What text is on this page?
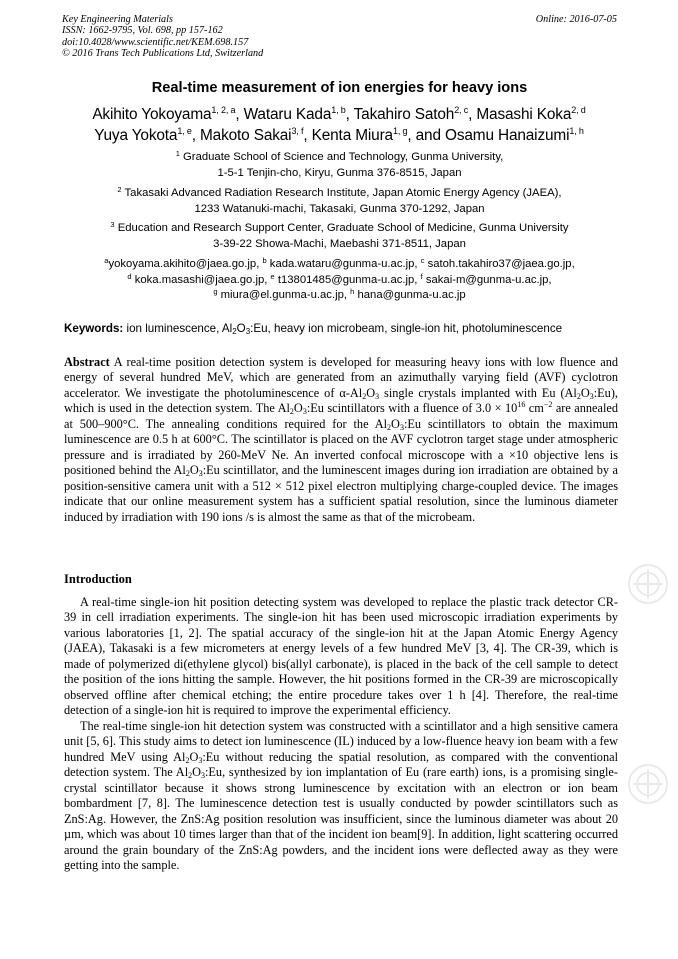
Key Engineering Materials
ISSN: 1662-9795, Vol. 698, pp 157-162
doi:10.4028/www.scientific.net/KEM.698.157
© 2016 Trans Tech Publications Ltd, Switzerland
Online: 2016-07-05
Real-time measurement of ion energies for heavy ions
Akihito Yokoyama$^{1, 2, a}$, Wataru Kada$^{1, b}$, Takahiro Satoh$^{2, c}$, Masashi Koka$^{2, d}$
Yuya Yokota$^{1, e}$, Makoto Sakai$^{3, f}$, Kenta Miura$^{1, g}$, and Osamu Hanaizumi$^{1, h}$
$^1$ Graduate School of Science and Technology, Gunma University,
1-5-1 Tenjin-cho, Kiryu, Gunma 376-8515, Japan
$^2$ Takasaki Advanced Radiation Research Institute, Japan Atomic Energy Agency (JAEA),
1233 Watanuki-machi, Takasaki, Gunma 370-1292, Japan
$^3$ Education and Research Support Center, Graduate School of Medicine, Gunma University
3-39-22 Showa-Machi, Maebashi 371-8511, Japan
$^a$yokoyama.akihito@jaea.go.jp, $^b$ kada.wataru@gunma-u.ac.jp, $^c$ satoh.takahiro37@jaea.go.jp,
$^d$ koka.masashi@jaea.go.jp, $^e$ t13801485@gunma-u.ac.jp, $^f$ sakai-m@gunma-u.ac.jp,
$^g$ miura@el.gunma-u.ac.jp, $^h$ hana@gunma-u.ac.jp
Keywords: ion luminescence, $Al_2O_3:Eu$, heavy ion microbeam, single-ion hit, photoluminescence

Abstract A real-time position detection system is developed for measuring heavy ions with low fluence and energy of several hundred MeV, which are generated from an azimuthally varying field (AVF) cyclotron accelerator. We investigate the photoluminescence of $\alpha-Al_2O_3$ single crystals implanted with Eu $(Al_2O_3:Eu)$, which is used in the detection system. The $Al_2O_3:Eu$ scintillators with a fluence of $3.0 \times 10^{16}$ $cm^{-2}$ are annealed at 500–900°C. The annealing conditions required for the $Al_2O_3:Eu$ scintillators to obtain the maximum luminescence are 0.5 h at 600°C. The scintillator is placed on the AVF cyclotron target stage under atmospheric pressure and is irradiated by 260-MeV Ne. An inverted confocal microscope with a ×10 objective lens is positioned behind the $Al_2O_3:Eu$ scintillator, and the luminescent images during ion irradiation are obtained by a position-sensitive camera unit with a 512 × 512 pixel electron multiplying charge-coupled device. The images indicate that our online measurement system has a sufficient spatial resolution, since the luminous diameter induced by irradiation with 190 ions /s is almost the same as that of the microbeam.

Introduction

A real-time single-ion hit position detecting system was developed to replace the plastic track detector CR-39 in cell irradiation experiments. The single-ion hit has been used microscopic irradiation experiments by various laboratories [1, 2]. The spatial accuracy of the single-ion hit at the Japan Atomic Energy Agency (JAEA), Takasaki is a few micrometers at energy levels of a few hundred MeV [3, 4]. The CR-39, which is made of polymerized di(ethylene glycol) bis(allyl carbonate), is placed in the back of the cell sample to detect the position of the ions hitting the sample. However, the hit positions formed in the CR-39 are microscopically observed offline after chemical etching; the entire procedure takes over 1 h [4]. Therefore, the real-time detection of a single-ion hit is required to improve the experimental efficiency.

The real-time single-ion hit detection system was constructed with a scintillator and a high sensitive camera unit [5, 6]. This study aims to detect ion luminescence (IL) induced by a low-fluence heavy ion beam with a few hundred MeV using $Al_2O_3:Eu$ without reducing the spatial resolution, as compared with the conventional detection system. The $Al_2O_3:Eu$, synthesized by ion implantation of Eu (rare earth) ions, is a promising single-crystal scintillator because it shows strong luminescence by excitation with an electron or ion beam bombardment [7, 8]. The luminescence detection test is usually conducted by powder scintillators such as ZnS:Ag. However, the ZnS:Ag position resolution was insufficient, since the luminous diameter was about 20 µm, which was about 10 times larger than that of the incident ion beam[9]. In addition, light scattering occurred around the grain boundary of the ZnS:Ag powders, and the incident ions were deflected away as they were getting into the sample.
